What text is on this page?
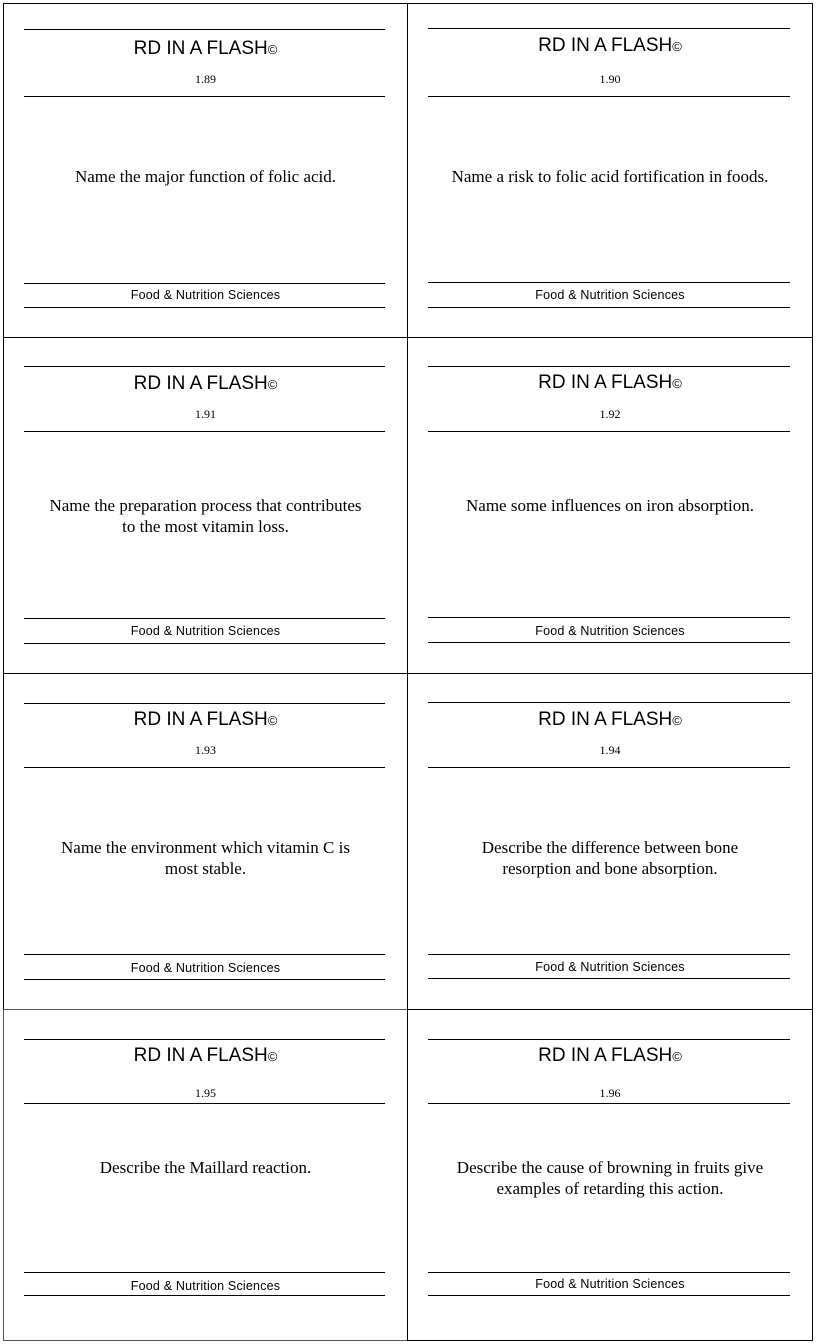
RD IN A FLASH©
1.89
Name the major function of folic acid.
Food & Nutrition Sciences
RD IN A FLASH©
1.90
Name a risk to folic acid fortification in foods.
Food & Nutrition Sciences
RD IN A FLASH©
1.91
Name the preparation process that contributes to the most vitamin loss.
Food & Nutrition Sciences
RD IN A FLASH©
1.92
Name some influences on iron absorption.
Food & Nutrition Sciences
RD IN A FLASH©
1.93
Name the environment which vitamin C is most stable.
Food & Nutrition Sciences
RD IN A FLASH©
1.94
Describe the difference between bone resorption and bone absorption.
Food & Nutrition Sciences
RD IN A FLASH©
1.95
Describe the Maillard reaction.
Food & Nutrition Sciences
RD IN A FLASH©
1.96
Describe the cause of browning in fruits give examples of retarding this action.
Food & Nutrition Sciences
